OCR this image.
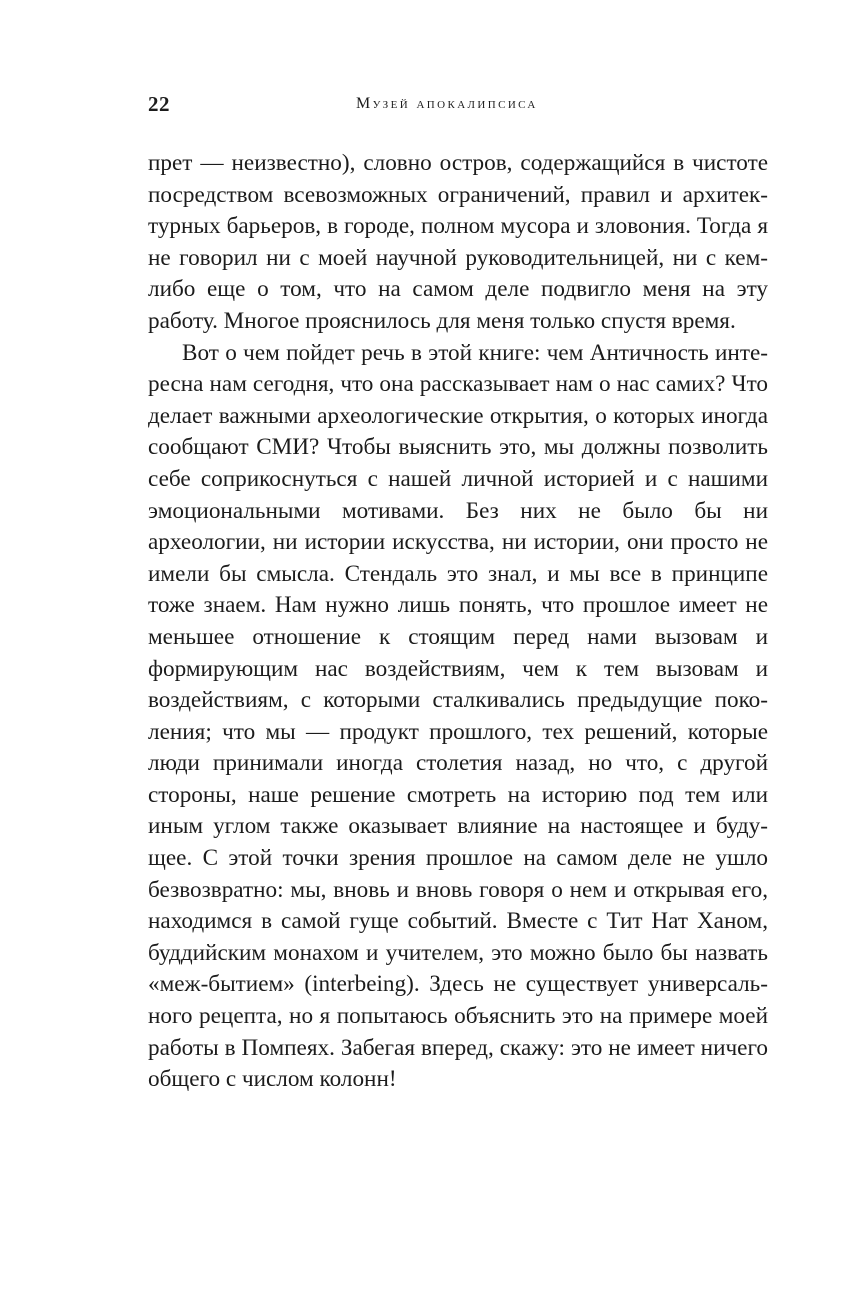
22	Музей апокалипсиса

прет — неизвестно), словно остров, содержащийся в чистоте посредством всевозможных ограничений, правил и архитектурных барьеров, в городе, полном мусора и зловония. Тогда я не говорил ни с моей научной руководительницей, ни с кемлибо еще о том, что на самом деле подвигло меня на эту работу. Многое прояснилось для меня только спустя время.

Вот о чем пойдет речь в этой книге: чем Античность интересна нам сегодня, что она рассказывает нам о нас самих? Что делает важными археологические открытия, о которых иногда сообщают СМИ? Чтобы выяснить это, мы должны позволить себе соприкоснуться с нашей личной историей и с нашими эмоциональными мотивами. Без них не было бы ни археологии, ни истории искусства, ни истории, они просто не имели бы смысла. Стендаль это знал, и мы все в принципе тоже знаем. Нам нужно лишь понять, что прошлое имеет не меньшее отношение к стоящим перед нами вызовам и формирующим нас воздействиям, чем к тем вызовам и воздействиям, с которыми сталкивались предыдущие поколения; что мы — продукт прошлого, тех решений, которые люди принимали иногда столетия назад, но что, с другой стороны, наше решение смотреть на историю под тем или иным углом также оказывает влияние на настоящее и будущее. С этой точки зрения прошлое на самом деле не ушло безвозвратно: мы, вновь и вновь говоря о нем и открывая его, находимся в самой гуще событий. Вместе с Тит Нат Ханом, буддийским монахом и учителем, это можно было бы назвать «меж-бытием» (interbeing). Здесь не существует универсального рецепта, но я попытаюсь объяснить это на примере моей работы в Помпеях. Забегая вперед, скажу: это не имеет ничего общего с числом колонн!
